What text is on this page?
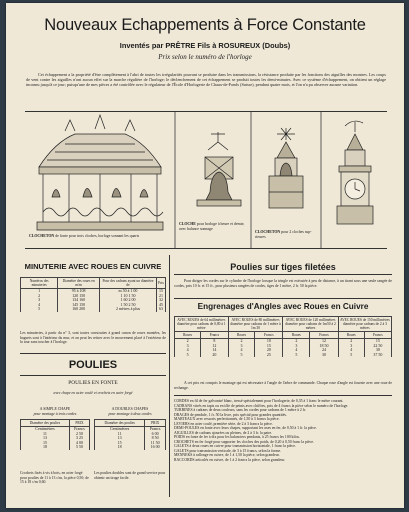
Nouveaux Echappements à Force Constante
Inventés par PRÊTRE Fils à ROSUREUX (Doubs)
Prix selon le numéro de l'horloge
Cet échappement a la propriété d'être complètement à l'abri de toutes les irrégularités pouvant se produire dans les transmissions, la résistance produite par les fonctions des aiguilles des montres. Les coups de vent contre les aiguilles n'ont aucun effet sur la marche régulière de l'horloge; le déclenchement de cet échappement se produit toutes les demi-minutes. Avec ce système d'échappement, on obtient un réglage inconnu jusqu'à ce jour; puisqu'une de mes pièces a été contrôlée avec le régulateur de l'École d'Horlogerie de Chaux-de-Fonds (Suisse), pendant quatre mois, et l'on n'a pu observer aucune variation.
CLOCHETON de fonte pour trois cloches, horloge sonnant les quarts
CLOCHE pour horloge à heure et demie, avec balance sonnage
CLOCHETON pour 2 cloches sup-rieures
MINUTERIE AVEC ROUES EN CUIVRE
Numéros des minuteries	Diamètre des roues en m/m	Pour des cadrans ayant un diamètre de	Prix
1	95 à 108	m 50 à 1 00	15
2	120 150	1 10 1 50	21
3	134 160	1 60 2 00	32
4	145 150	1 50 2 50	45
5	160 200	2 mètres à plus	63
Les minuteries, à partir du n° 3, sont toutes construites à grand canon de roues montées, les baguets sont à l'intérieur du mur, et on peut les retirer avec le mouvement placé à l'extérieur de la tour sans toucher à l'horloge.
POULIES
POULIES EN FONTE
avec chape en acier coulé et crochets en acier forgé
A SIMPLE CHAPE
pour montage à trois cordes
A DOUBLES CHAPES
pour montage à deux cordes
Diamètre des poulies	PRIX
Centimètres	Francs
11	2 50
13	3 25
15	4 00
18	5 50
Diamètre des poulies	PRIX
Centimètres	Francs
11	6 00
13	8 50
15	11 50
18	16 00
Crochets fixés à vis à bois, en acier forgé pour poulies de 11 à 13 c/m, la pièce 0,50; de 15 à 18 c/m 0,60.
Les poulies doubles sont de grand service pour obtenir un tirage facile.
Poulies sur tiges filetées
Pour diriger les cordes sur le cylindre de l'horloge lorsque la tringle est exécutée à peu de distance, à un tirant sous une seule rangée de cordes, prix 10 fr. et 15 fr., pour plusieurs rangées de cordes, tiges de 1 mètre, 2 fr. 50 la pièce.
Engrenages d'Angles avec Roues en Cuivre
AVEC ROUES de 64 millimètres diamètre pour cadrans de 0,80 à 1 mètre		AVEC ROUES de 80 millimètres diamètre pour cadrans de 1 mètre à 1m 30		AVEC ROUES de 120 millimètres diamètre pour cadrans de 1m50 à 2 mètres		AVEC ROUES de 150 millimètres diamètre pour cadrans de 2 à 3 mètres	
Roues	Francs	Roues	Francs	Roues	Francs	Roues	Francs
2	8	2	10	2	12	2	15
3	12	3	15	3	18 50	3	22 50
4	14	4	20	4	24	4	30
5	20	5	25	5	30	5	37 50
A cet prix est compris le montage qui est nécessaire à l'angle de l'arbre de commande. Chaque roue d'angle est fournie avec une roue de rechange.
CORDES en fil de fer galvanisé blanc, tressé spécialement pour l'horlogerie, de 0,35 à 1 franc le mètre courant.
CADRANS vitrés en tapis ou en tôle de peints avec chiffres, prix de 4 francs la pièce selon le numéro de l'horloge.
TURBINES à cadrans de deux couleurs, sans les cordes pour cadrans de 1 mètre à 2 fr.
DRAGES de pendule, 1 fr. 50 la livre, prix spécial pour grandes quantités.
MARTEAUX avec ressorts perfectionnés, de 1,50 à 3 francs la pièce.
LEVIERS en acier coulé, première série, de 2 à 3 francs la pièce.
DEMI-POULES en fonte avec leurs chapes, supportant les axes en fer, de 0,50 à 1 fr. la pièce.
AIGUILLES de cadrans ajourées ou pleines, de 2 à 3 fr. la paire.
POIDS en fonte de fer à dix pour les balanciers pendants, à 25 francs les 100 kilos.
CROCHETS en fer forgé pour supporter les cloches des poids, de 0,20 à 0,50 franc la pièce.
GALETS à deux roues en cuivre pour transmission horizontale, 1 franc la pièce.
GALETS pour transmission verticale, de 3 à 15 francs, selon la forme.
MENNEKS à rallonge en cuivre, de 1 à 1,50 la pièce, selon grandeur.
RACCORDS articulés en cuivre, de 1 à 2 francs la pièce, selon grandeur.
